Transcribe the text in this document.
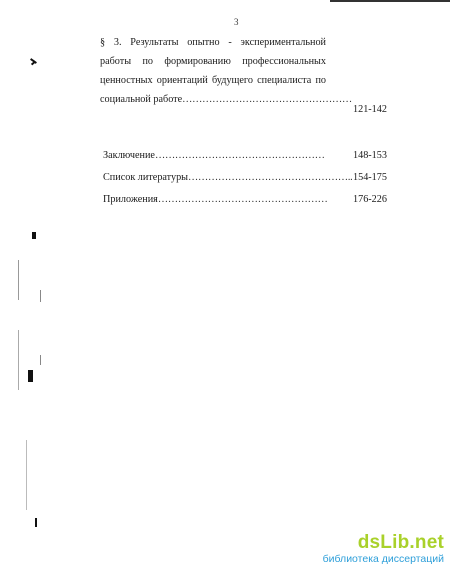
3
§ 3. Результаты опытно - экспериментальной
работы по формированию профессиональных
ценностных ориентаций будущего специалиста по
социальной работе……………………………………………
121-142
Заключение……………………………………………	148-153
Список литературы………………………………………….. 154-175
Приложения…………………………………………… 176-226
dsLib.net
библиотека диссертаций
